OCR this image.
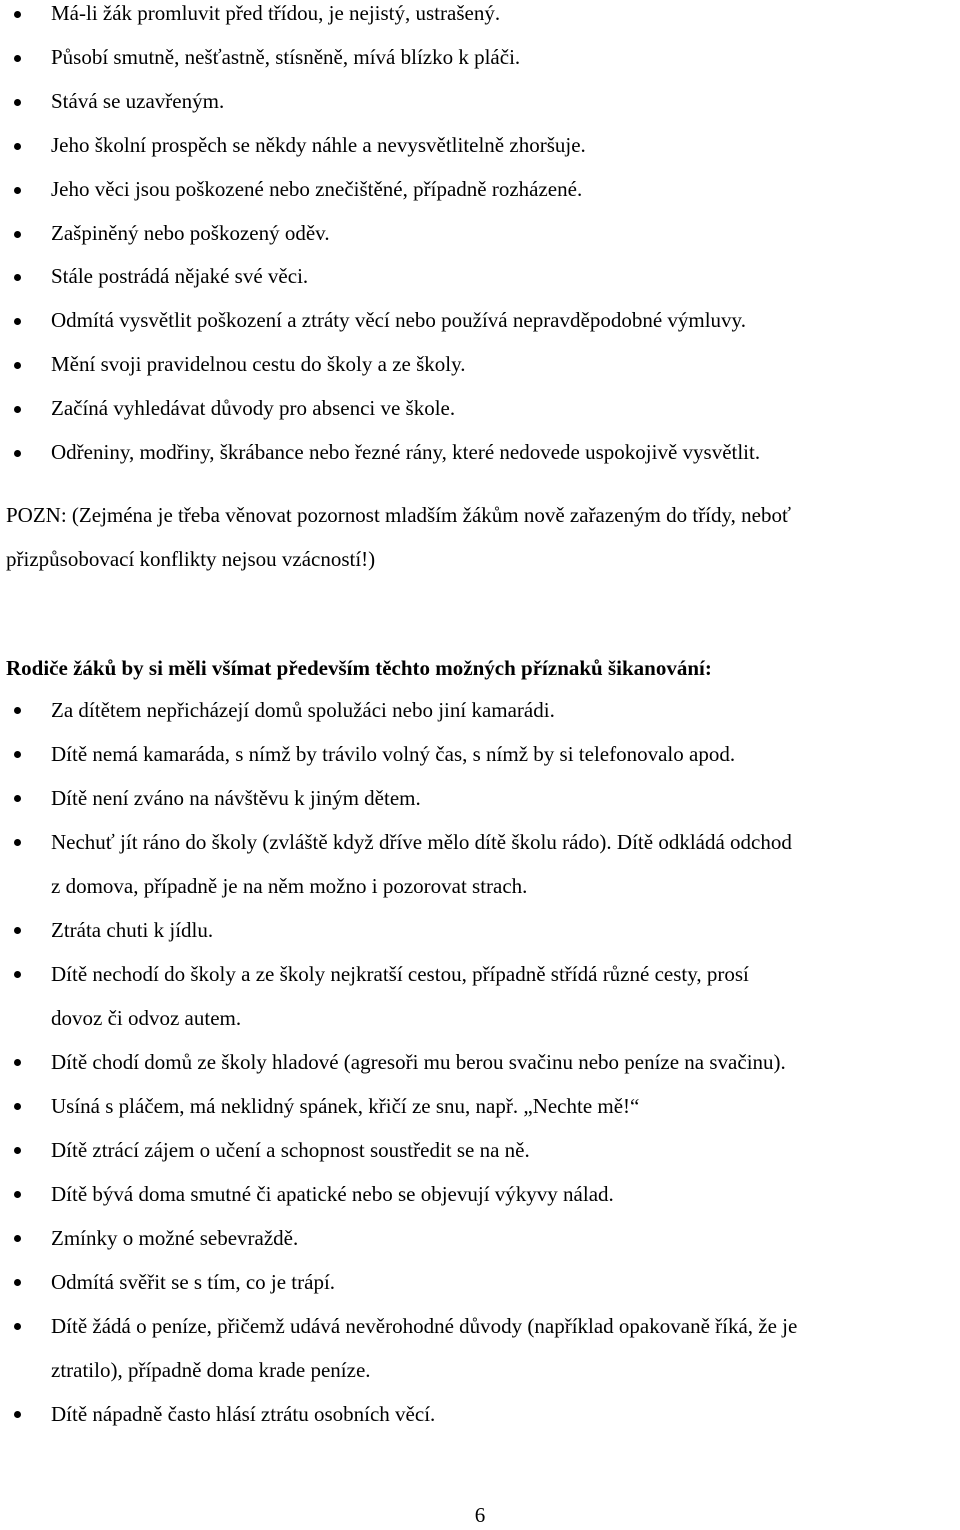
Má-li žák promluvit před třídou, je nejistý, ustrašený.
Působí smutně, nešťastně, stísněně, mívá blízko k pláči.
Stává se uzavřeným.
Jeho školní prospěch se někdy náhle a nevysvětlitelně zhoršuje.
Jeho věci jsou poškozené nebo znečištěné, případně rozházené.
Zašpiněný nebo poškozený oděv.
Stále postrádá nějaké své věci.
Odmítá vysvětlit poškození a ztráty věcí nebo používá nepravděpodobné výmluvy.
Mění svoji pravidelnou cestu do školy a ze školy.
Začíná vyhledávat důvody pro absenci ve škole.
Odřeniny, modřiny, škrábance nebo řezné rány, které nedovede uspokojivě vysvětlit.
POZN: (Zejména je třeba věnovat pozornost mladším žákům nově zařazeným do třídy, neboť
přizpůsobovací konflikty nejsou vzácností!)
Rodiče žáků by si měli všímat především těchto možných příznaků šikanování:
Za dítětem nepřicházejí domů spolužáci nebo jiní kamarádi.
Dítě nemá kamaráda, s nímž by trávilo volný čas, s nímž by si telefonovalo apod.
Dítě není zváno na návštěvu k jiným dětem.
Nechuť jít ráno do školy (zvláště když dříve mělo dítě školu rádo). Dítě odkládá odchod
z domova, případně je na něm možno i pozorovat strach.
Ztráta chuti k jídlu.
Dítě nechodí do školy a ze školy nejkratší cestou, případně střídá různé cesty, prosí
dovoz či odvoz autem.
Dítě chodí domů ze školy hladové (agresoři mu berou svačinu nebo peníze na svačinu).
Usíná s pláčem, má neklidný spánek, křičí ze snu, např. „Nechte mě!“
Dítě ztrácí zájem o učení a schopnost soustředit se na ně.
Dítě bývá doma smutné či apatické nebo se objevují výkyvy nálad.
Zmínky o možné sebevraždě.
Odmítá svěřit se s tím, co je trápí.
Dítě žádá o peníze, přičemž udává nevěrohodné důvody (například opakovaně říká, že je
ztratilo), případně doma krade peníze.
Dítě nápadně často hlásí ztrátu osobních věcí.
6
